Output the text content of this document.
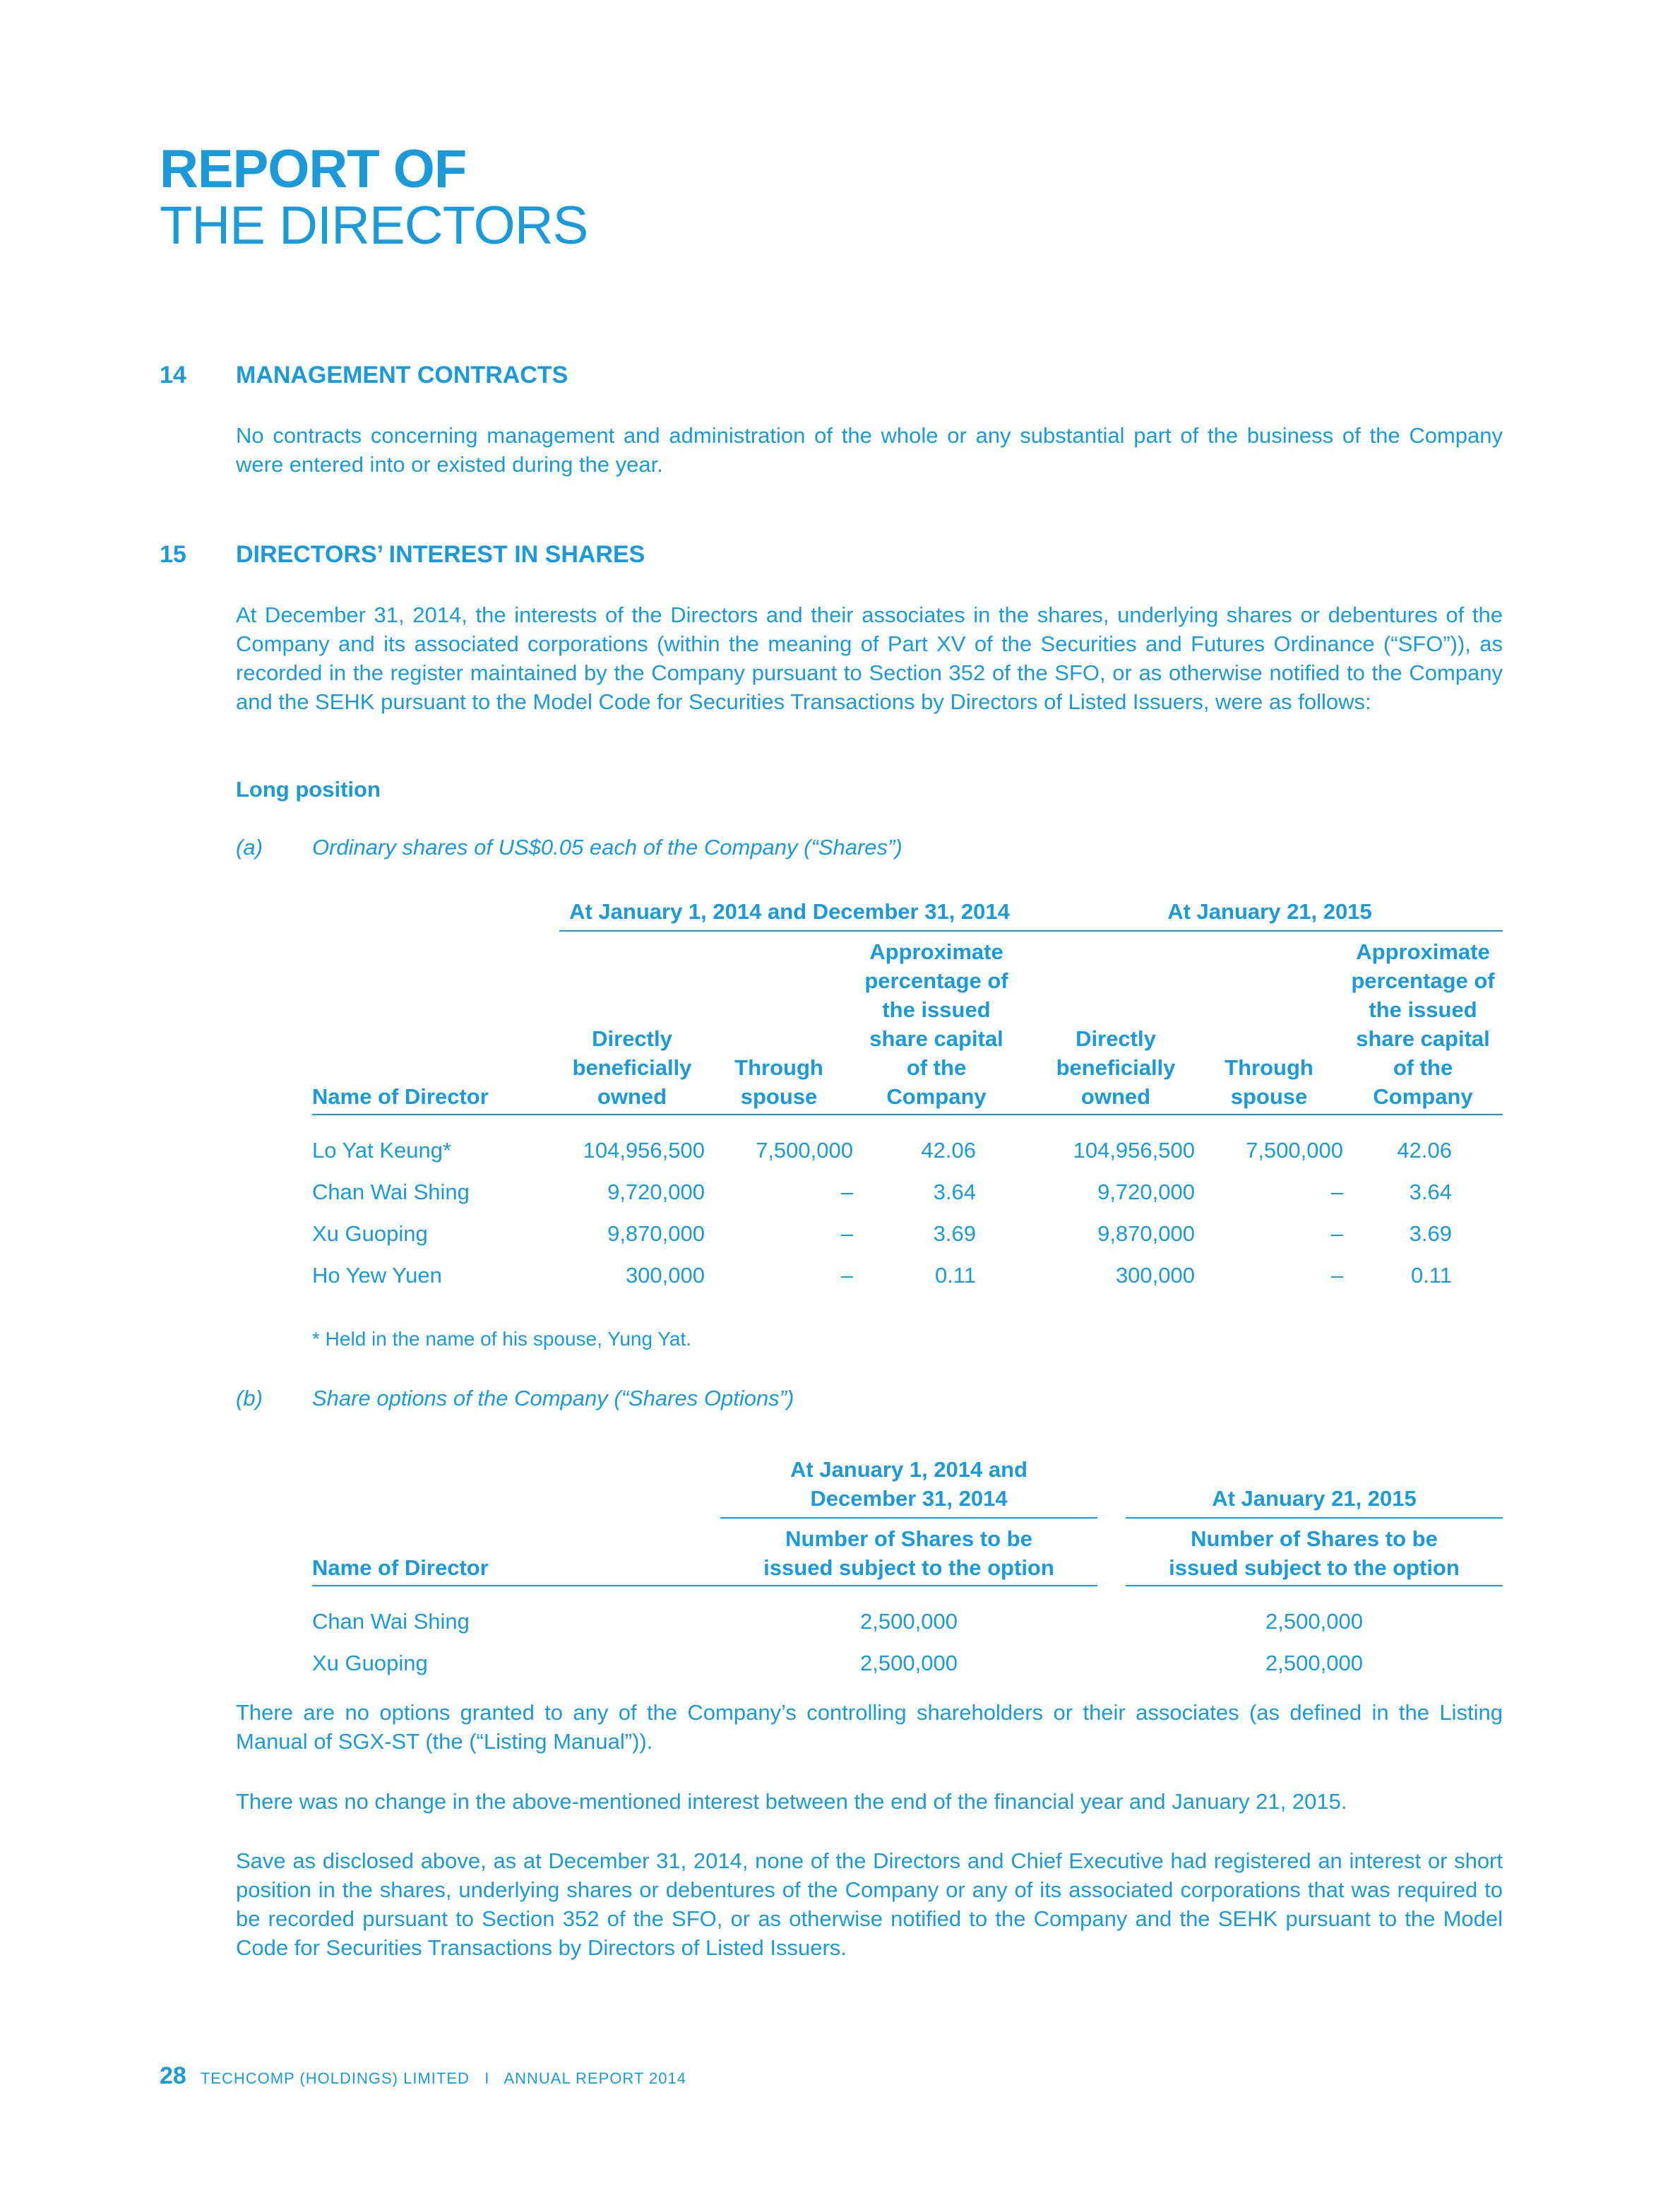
REPORT OF
THE DIRECTORS
14 MANAGEMENT CONTRACTS
No contracts concerning management and administration of the whole or any substantial part of the business of the Company were entered into or existed during the year.
15 DIRECTORS’ INTEREST IN SHARES
At December 31, 2014, the interests of the Directors and their associates in the shares, underlying shares or debentures of the Company and its associated corporations (within the meaning of Part XV of the Securities and Futures Ordinance (“SFO”)), as recorded in the register maintained by the Company pursuant to Section 352 of the SFO, or as otherwise notified to the Company and the SEHK pursuant to the Model Code for Securities Transactions by Directors of Listed Issuers, were as follows:
Long position
(a) Ordinary shares of US$0.05 each of the Company (“Shares”)
	At January 1, 2014 and December 31, 2014			At January 21, 2015		
Name of Director	Directly beneficially owned	Through spouse	Approximate percentage of the issued share capital of the Company	Directly beneficially owned	Through spouse	Approximate percentage of the issued share capital of the Company

Lo Yat Keung*	104,956,500	7,500,000	42.06	104,956,500	7,500,000	42.06
Chan Wai Shing	9,720,000	–	3.64	9,720,000	–	3.64
Xu Guoping	9,870,000	–	3.69	9,870,000	–	3.69
Ho Yew Yuen	300,000	–	0.11	300,000	–	0.11
* Held in the name of his spouse, Yung Yat.
(b) Share options of the Company (“Shares Options”)
	At January 1, 2014 and December 31, 2014		At January 21, 2015
Name of Director	Number of Shares to be issued subject to the option		Number of Shares to be issued subject to the option

Chan Wai Shing	2,500,000		2,500,000
Xu Guoping	2,500,000		2,500,000
There are no options granted to any of the Company’s controlling shareholders or their associates (as defined in the Listing Manual of SGX-ST (the (“Listing Manual”)).
There was no change in the above-mentioned interest between the end of the financial year and January 21, 2015.
Save as disclosed above, as at December 31, 2014, none of the Directors and Chief Executive had registered an interest or short position in the shares, underlying shares or debentures of the Company or any of its associated corporations that was required to be recorded pursuant to Section 352 of the SFO, or as otherwise notified to the Company and the SEHK pursuant to the Model Code for Securities Transactions by Directors of Listed Issuers.
28 TECHCOMP (HOLDINGS) LIMITED   I   ANNUAL REPORT 2014
